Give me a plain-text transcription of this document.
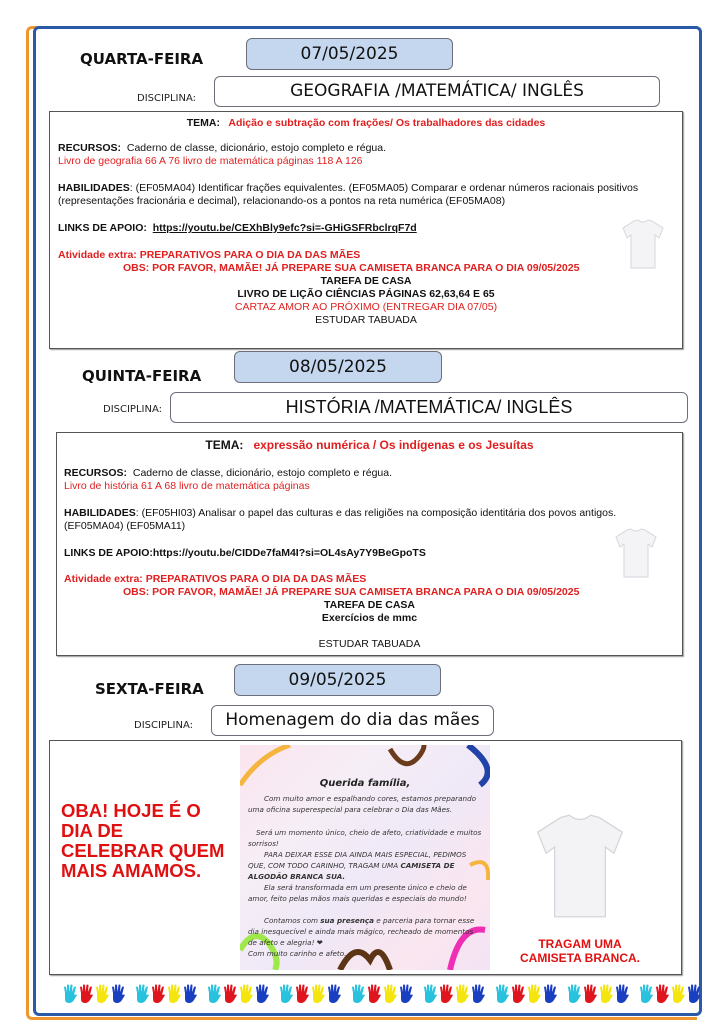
QUARTA-FEIRA	07/05/2025
DISCIPLINA:	GEOGRAFIA /MATEMÁTICA/ INGLÊS
TEMA: Adição e subtração com frações/ Os trabalhadores das cidades
RECURSOS: Caderno de classe, dicionário, estojo completo e régua.
Livro de geografia 66 A 76 livro de matemática páginas 118 A 126
HABILIDADES: (EF05MA04) Identificar frações equivalentes. (EF05MA05) Comparar e ordenar números racionais positivos
(representações fracionária e decimal), relacionando-os a pontos na reta numérica (EF05MA08)
LINKS DE APOIO: https://youtu.be/CEXhBly9efc?si=-GHiGSFRbclrqF7d
Atividade extra: PREPARATIVOS PARA O DIA DA DAS MÃES
OBS: POR FAVOR, MAMÃE! JÁ PREPARE SUA CAMISETA BRANCA PARA O DIA 09/05/2025
TAREFA DE CASA
LIVRO DE LIÇÃO CIÊNCIAS PÁGINAS 62,63,64 E 65
CARTAZ AMOR AO PRÓXIMO (ENTREGAR DIA 07/05)
ESTUDAR TABUADA
QUINTA-FEIRA	08/05/2025
DISCIPLINA:	HISTÓRIA /MATEMÁTICA/ INGLÊS
TEMA: expressão numérica / Os indígenas e os Jesuítas
RECURSOS: Caderno de classe, dicionário, estojo completo e régua.
Livro de história 61 A 68 livro de matemática páginas
HABILIDADES: (EF05HI03) Analisar o papel das culturas e das religiões na composição identitária dos povos antigos.
(EF05MA04) (EF05MA11)
LINKS DE APOIO:https://youtu.be/CIDDe7faM4I?si=OL4sAy7Y9BeGpoTS
Atividade extra: PREPARATIVOS PARA O DIA DA DAS MÃES
OBS: POR FAVOR, MAMÃE! JÁ PREPARE SUA CAMISETA BRANCA PARA O DIA 09/05/2025
TAREFA DE CASA
Exercícios de mmc
ESTUDAR TABUADA
SEXTA-FEIRA	09/05/2025
DISCIPLINA:	Homenagem do dia das mães
OBA! HOJE É O
DIA DE
CELEBRAR QUEM
MAIS AMAMOS.
TRAGAM UMA
CAMISETA BRANCA.
Querida família,
Com muito amor e espalhando cores, estamos preparando uma oficina superespecial para celebrar o Dia das Mães.
Será um momento único, cheio de afeto, criatividade e muitos sorrisos!
PARA DEIXAR ESSE DIA AINDA MAIS ESPECIAL, PEDIMOS QUE, COM TODO CARINHO, TRAGAM UMA CAMISETA DE ALGODÃO BRANCA SUA.
Ela será transformada em um presente único e cheio de amor, feito pelas mãos mais queridas e especiais do mundo!
Contamos com sua presença e parceria para tornar esse dia inesquecível e ainda mais mágico, recheado de momentos de afeto e alegria! ❤
Com muito carinho e afeto.
